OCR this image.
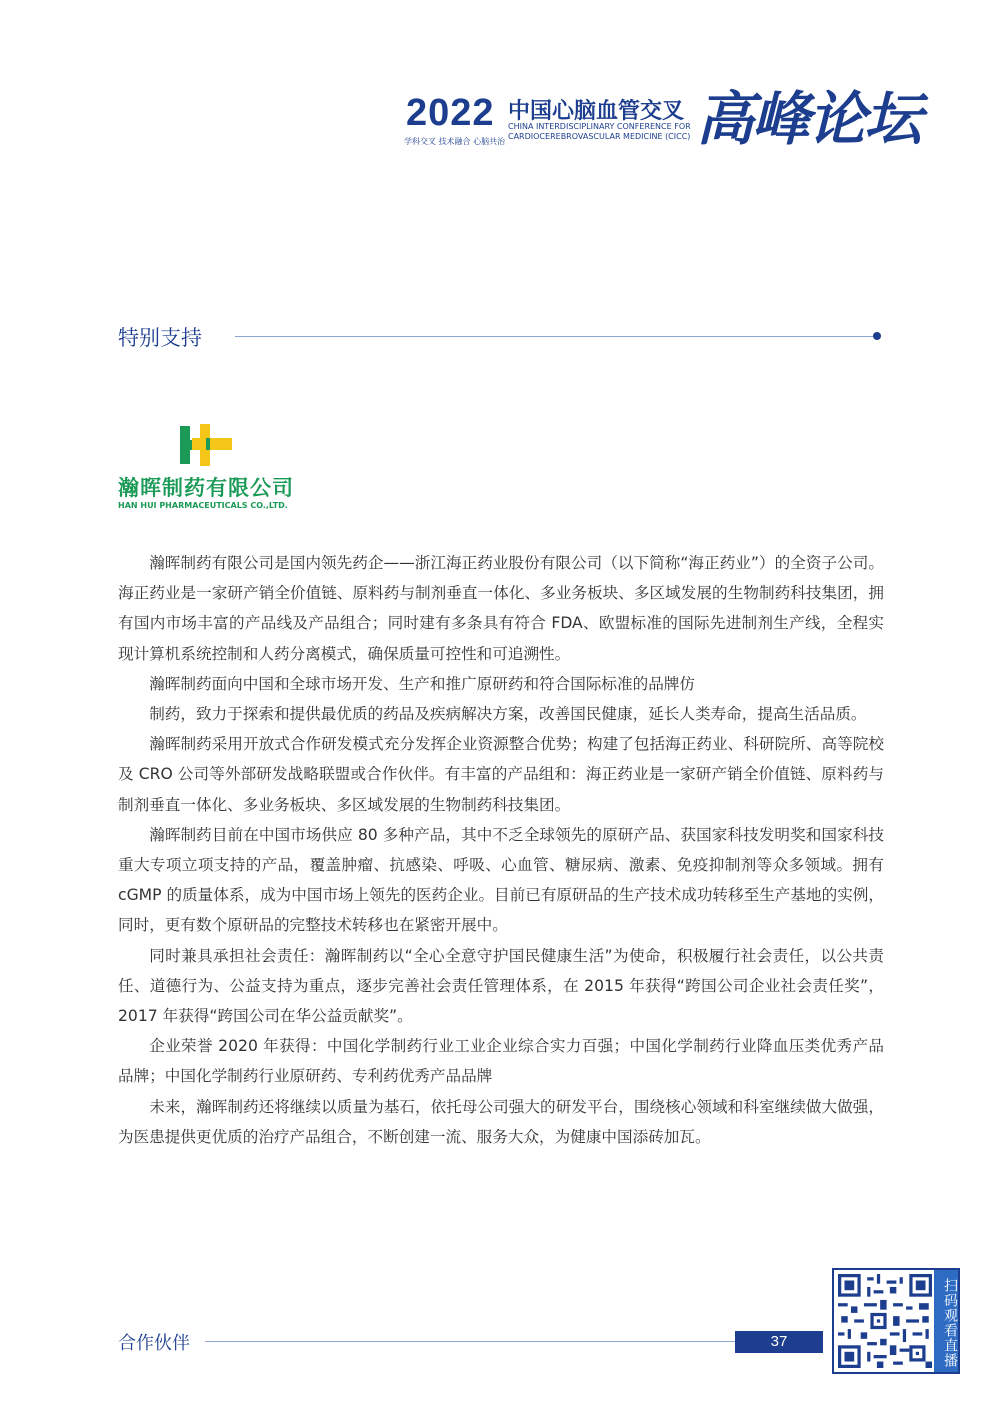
2022
学科交叉 技术融合 心脑共治
中国心脑血管交叉
CHINA INTERDISCIPLINARY CONFERENCE FOR CARDIOCEREBROVASCULAR MEDICINE (CICC) 高峰论坛
特别支持
瀚晖制药有限公司
HAN HUI PHARMACEUTICALS CO.,LTD.

瀚晖制药有限公司是国内领先药企——浙江海正药业股份有限公司（以下简称“海正药业”）的全资子公司。 海正药业是一家研产销全价值链、原料药与制剂垂直一体化、多业务板块、多区域发展的生物制药科技集团，拥有国内市场丰富的产品线及产品组合；同时建有多条具有符合 FDA、欧盟标准的国际先进制剂生产线，全程实现计算机系统控制和人药分离模式，确保质量可控性和可追溯性。

瀚晖制药面向中国和全球市场开发、生产和推广原研药和符合国际标准的品牌仿

制药，致力于探索和提供最优质的药品及疾病解决方案，改善国民健康，延长人类寿命，提高生活品质。

瀚晖制药采用开放式合作研发模式充分发挥企业资源整合优势；构建了包括海正药业、科研院所、高等院校及 CRO 公司等外部研发战略联盟或合作伙伴。有丰富的产品组和：海正药业是一家研产销全价值链、原料药与制剂垂直一体化、多业务板块、多区域发展的生物制药科技集团。

瀚晖制药目前在中国市场供应 80 多种产品，其中不乏全球领先的原研产品、获国家科技发明奖和国家科技重大专项立项支持的产品，覆盖肿瘤、抗感染、呼吸、心血管、糖尿病、激素、免疫抑制剂等众多领域。拥有 cGMP 的质量体系，成为中国市场上领先的医药企业。目前已有原研品的生产技术成功转移至生产基地的实例，同时，更有数个原研品的完整技术转移也在紧密开展中。

同时兼具承担社会责任：瀚晖制药以“全心全意守护国民健康生活”为使命，积极履行社会责任，以公共责任、道德行为、公益支持为重点，逐步完善社会责任管理体系，在 2015 年获得“跨国公司企业社会责任奖”，2017 年获得“跨国公司在华公益贡献奖”。

企业荣誉 2020 年获得：中国化学制药行业工业企业综合实力百强；中国化学制药行业降血压类优秀产品品牌；中国化学制药行业原研药、专利药优秀产品品牌

未来，瀚晖制药还将继续以质量为基石，依托母公司强大的研发平台，围绕核心领域和科室继续做大做强，为医患提供更优质的治疗产品组合，不断创建一流、服务大众，为健康中国添砖加瓦。

合作伙伴	37	扫码观看直播
